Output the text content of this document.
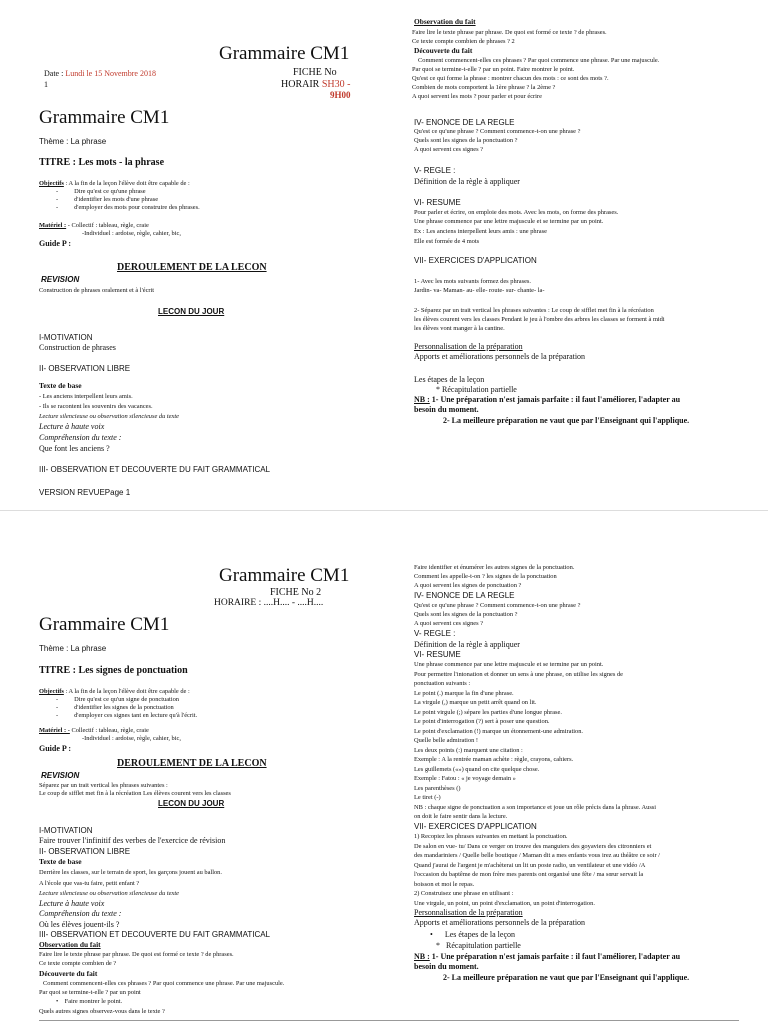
Grammaire CM1
Date : Lundi le 15 Novembre 2018
1
FICHE No
HORAIR SH30 -
9H00
Grammaire CM1
Thème : La phrase
TITRE : Les mots - la phrase
Objectifs : A la fin de la leçon l'élève doit être capable de :
-          Dire qu'est ce qu'une phrase
-          d'identifier les mots d'une phrase
-          d'employer des mots pour construire des phrases.
Matériel : - Collectif : tableau, règle, craie
-Individuel : ardoise, règle, cahier, bic,
Guide P :
DEROULEMENT DE LA LECON
REVISION
Construction de phrases oralement et à l'écrit
LECON DU JOUR
I-MOTIVATION
Construction de phrases
II- OBSERVATION LIBRE
Texte de base
- Les anciens interpellent leurs amis.
- Ils se racontent les souvenirs des vacances.
Lecture silencieuse ou observation silencieuse du texte
Lecture à haute voix
Compréhension du texte :
Que font les anciens ?
III- OBSERVATION ET DECOUVERTE DU FAIT GRAMMATICAL
VERSION REVUEPage 1
Observation du fait
Faire lire le texte phrase par phrase. De quoi est formé ce texte ? de phrases.
Ce texte compte combien de phrases ? 2
Découverte du fait
Comment commencent-elles ces phrases ? Par quoi commence une phrase. Par une majuscule.
Par quoi se termine-t-elle ? par un point. Faire montrer le point.
Qu'est ce qui forme la phrase : montrer chacun des mots : ce sont des mots ?.
Combien de mots comportent la 1ère phrase ? la 2ème ?
A quoi servent les mots ? pour parler et pour écrire
IV- ENONCE DE LA REGLE
Qu'est ce qu'une phrase ? Comment commence-t-on une phrase ?
Quels sont les signes de la ponctuation ?
A quoi servent ces signes ?
V- REGLE :
Définition de la règle à appliquer
VI- RESUME
Pour parler et écrire, on emploie des mots. Avec les mots, on forme des phrases.
Une phrase commence par une lettre majuscule et se termine par un point.
Ex : Les anciens interpellent leurs amis : une phrase
Elle est formée de 4 mots
VII- EXERCICES D'APPLICATION
1- Avec les mots suivants formez des phrases.
Jardin- va- Maman- au- elle- route- sur- chante- la-
2- Séparez par un trait vertical les phrases suivantes : Le coup de sifflet met fin à la récréation
les élèves courent vers les classes Pendant le jeu à l'ombre des arbres les classes se forment à midi
les élèves vont manger à la cantine.
Personnalisation de la préparation
Apports et améliorations personnels de la préparation
Les étapes de la leçon
* Récapitulation partielle
NB : 1- Une préparation n'est jamais parfaite : il faut l'améliorer, l'adapter au
besoin du moment.
2- La meilleure préparation ne vaut que par l'Enseignant qui l'applique.
Grammaire CM1
FICHE No 2
HORAIRE : ....H.... - ....H....
Grammaire CM1
Thème : La phrase
TITRE : Les signes de ponctuation
Objectifs : A la fin de la leçon l'élève doit être capable de :
-          Dire qu'est ce qu'un signe de ponctuation
-          d'identifier les signes de la ponctuation
-          d'employer ces signes tant en lecture qu'à l'écrit.
Matériel : - Collectif : tableau, règle, craie
-Individuel : ardoise, règle, cahier, bic,
Guide P :
DEROULEMENT DE LA LECON
REVISION
Séparez par un trait vertical les phrases suivantes :
Le coup de sifflet met fin à la récréation Les élèves courent vers les classes
LECON DU JOUR
I-MOTIVATION
Faire trouver l'infinitif des verbes de l'exercice de révision
II- OBSERVATION LIBRE
Texte de base
Derrière les classes, sur le terrain de sport, les garçons jouent au ballon.
A l'école que vas-tu faire, petit enfant ?
Lecture silencieuse ou observation silencieuse du texte
Lecture à haute voix
Compréhension du texte :
Où les élèves jouent-ils ?
III- OBSERVATION ET DECOUVERTE DU FAIT GRAMMATICAL
Observation du fait
Faire lire le texte phrase par phrase. De quoi est formé ce texte ? de phrases.
Ce texte compte combien de ?
Découverte du fait
Comment commencent-elles ces phrases ? Par quoi commence une phrase. Par une majuscule.
Par quoi se termine-t-elle ? par un point
•    Faire montrer le point.
Quels autres signes observez-vous dans le texte ?
Faire identifier et énumérer les autres signes de la ponctuation.
Comment les appelle-t-on ? les signes de la ponctuation
A quoi servent les signes de ponctuation ?
IV- ENONCE DE LA REGLE
Qu'est ce qu'une phrase ? Comment commence-t-on une phrase ?
Quels sont les signes de la ponctuation ?
A quoi servent ces signes ?
V- REGLE :
Définition de la règle à appliquer
VI- RESUME
Une phrase commence par une lettre majuscule et se termine par un point.
Pour permettre l'intonation et donner un sens à une phrase, on utilise les signes de
ponctuation suivants :
Le point (.) marque la fin d'une phrase.
La virgule (,) marque un petit arrêt quand on lit.
Le point virgule (;) sépare les parties d'une longue phrase.
Le point d'interrogation (?) sert à poser une question.
Le point d'exclamation (!) marque un étonnement-une admiration.
Quelle belle admiration !
Les deux points (:) marquent une citation :
Exemple : A la rentrée maman achète : règle, crayons, cahiers.
Les guillemets («») quand on cite quelque chose.
Exemple : Fatou : « je voyage demain »
Les parenthèses ()
Le tiret (-)
NB : chaque signe de ponctuation a son importance et joue un rôle précis dans la phrase. Aussi
on doit le faire sentir dans la lecture.
VII- EXERCICES D'APPLICATION
1) Recopiez les phrases suivantes en mettant la ponctuation.
De salon en vue- tu/ Dans ce verger on trouve des manguiers des goyaviers des citronniers et
des mandariniers / Quelle belle boutique / Maman dit a mes enfants vous irez au théâtre ce soir /
Quand j'aurai de l'argent je m'achèterai un lit un poste radio, un ventilateur et une vidéo /A
l'occasion du baptême de mon frère mes parents ont organisé une fête / ma sœur servait la
boisson et moi le repas.
2) Construisez une phrase en utilisant :
Une virgule, un point, un point d'exclamation, un point d'interrogation.
Personnalisation de la préparation
Apports et améliorations personnels de la préparation
•      Les étapes de la leçon
*   Récapitulation partielle
NB : 1- Une préparation n'est jamais parfaite : il faut l'améliorer, l'adapter au
besoin du moment.
2- La meilleure préparation ne vaut que par l'Enseignant qui l'applique.
